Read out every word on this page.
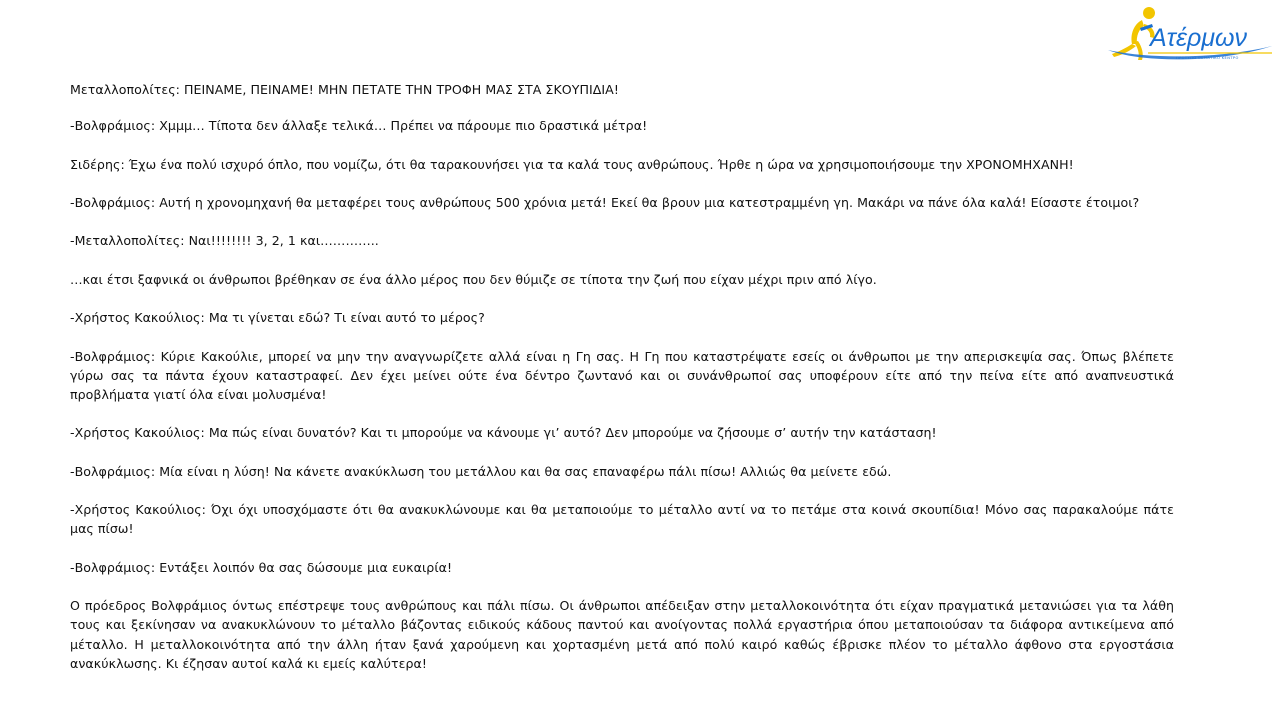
Ατέρμων
ΠΡΟΤΥΠΟ ΘΕΜΑΤΙΚΟ ΚΕΝΤΡΟ

Μεταλλοπολίτες: ΠΕΙΝΑΜΕ, ΠΕΙΝΑΜΕ! ΜΗΝ ΠΕΤΑΤΕ ΤΗΝ ΤΡΟΦΗ ΜΑΣ ΣΤΑ ΣΚΟΥΠΙΔΙΑ!

-Βολφράμιος: Χμμμ… Τίποτα δεν άλλαξε τελικά… Πρέπει να πάρουμε πιο δραστικά μέτρα!

Σιδέρης: Έχω ένα πολύ ισχυρό όπλο, που νομίζω, ότι θα ταρακουνήσει για τα καλά τους ανθρώπους. Ήρθε η ώρα να χρησιμοποιήσουμε την ΧΡΟΝΟΜΗΧΑΝΗ!

-Βολφράμιος: Αυτή η χρονομηχανή θα μεταφέρει τους ανθρώπους 500 χρόνια μετά! Εκεί θα βρουν μια κατεστραμμένη γη. Μακάρι να πάνε όλα καλά! Είσαστε έτοιμοι?

-Μεταλλοπολίτες: Ναι!!!!!!!! 3, 2, 1 και…………..

…και έτσι ξαφνικά οι άνθρωποι βρέθηκαν σε ένα άλλο μέρος που δεν θύμιζε σε τίποτα την ζωή που είχαν μέχρι πριν από λίγο.

-Χρήστος Κακούλιος: Μα τι γίνεται εδώ? Τι είναι αυτό το μέρος?

-Βολφράμιος: Κύριε Κακούλιε, μπορεί να μην την αναγνωρίζετε αλλά είναι η Γη σας. Η Γη που καταστρέψατε εσείς οι άνθρωποι με την απερισκεψία σας. Όπως βλέπετε γύρω σας τα πάντα έχουν καταστραφεί. Δεν έχει μείνει ούτε ένα δέντρο ζωντανό και οι συνάνθρωποί σας υποφέρουν είτε από την πείνα είτε από αναπνευστικά προβλήματα γιατί όλα είναι μολυσμένα!

-Χρήστος Κακούλιος: Μα πώς είναι δυνατόν? Και τι μπορούμε να κάνουμε γι’ αυτό? Δεν μπορούμε να ζήσουμε σ’ αυτήν την κατάσταση!

-Βολφράμιος: Μία είναι η λύση! Να κάνετε ανακύκλωση του μετάλλου και θα σας επαναφέρω πάλι πίσω! Αλλιώς θα μείνετε εδώ.

-Χρήστος Κακούλιος: Όχι όχι υποσχόμαστε ότι θα ανακυκλώνουμε και θα μεταποιούμε το μέταλλο αντί να το πετάμε στα κοινά σκουπίδια! Μόνο σας παρακαλούμε πάτε μας πίσω!

-Βολφράμιος: Εντάξει λοιπόν θα σας δώσουμε μια ευκαιρία!

Ο πρόεδρος Βολφράμιος όντως επέστρεψε τους ανθρώπους και πάλι πίσω. Οι άνθρωποι απέδειξαν στην μεταλλοκοινότητα ότι είχαν πραγματικά μετανιώσει για τα λάθη τους και ξεκίνησαν να ανακυκλώνουν το μέταλλο βάζοντας ειδικούς κάδους παντού και ανοίγοντας πολλά εργαστήρια όπου μεταποιούσαν τα διάφορα αντικείμενα από μέταλλο. Η μεταλλοκοινότητα από την άλλη ήταν ξανά χαρούμενη και χορτασμένη μετά από πολύ καιρό καθώς έβρισκε πλέον το μέταλλο άφθονο στα εργοστάσια ανακύκλωσης. Κι έζησαν αυτοί καλά κι εμείς καλύτερα!
